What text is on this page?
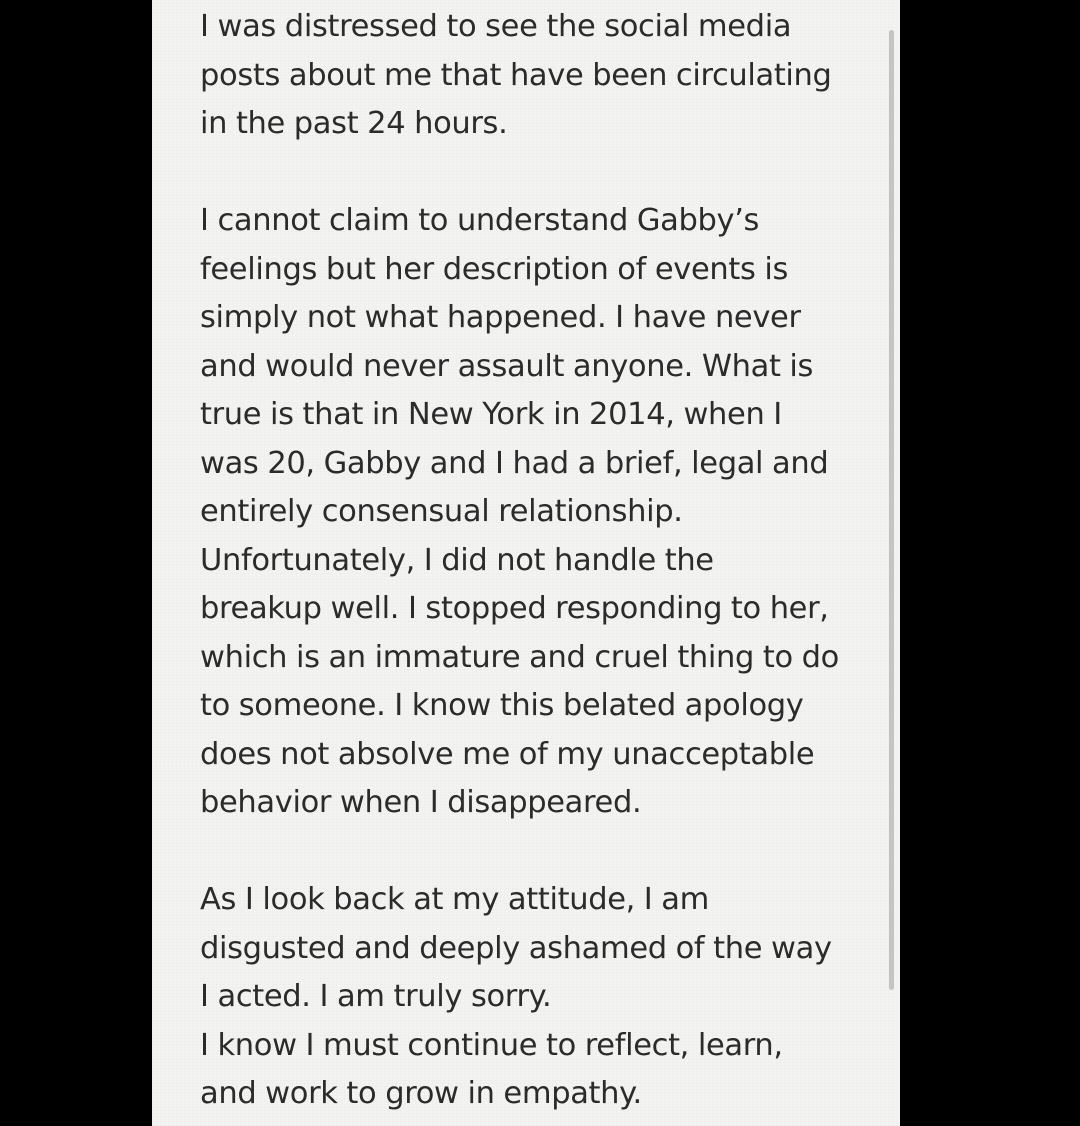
I was distressed to see the social media
posts about me that have been circulating
in the past 24 hours.
I cannot claim to understand Gabby’s
feelings but her description of events is
simply not what happened. I have never
and would never assault anyone. What is
true is that in New York in 2014, when I
was 20, Gabby and I had a brief, legal and
entirely consensual relationship.
Unfortunately, I did not handle the
breakup well. I stopped responding to her,
which is an immature and cruel thing to do
to someone. I know this belated apology
does not absolve me of my unacceptable
behavior when I disappeared.
As I look back at my attitude, I am
disgusted and deeply ashamed of the way
I acted. I am truly sorry.
I know I must continue to reflect, learn,
and work to grow in empathy.
